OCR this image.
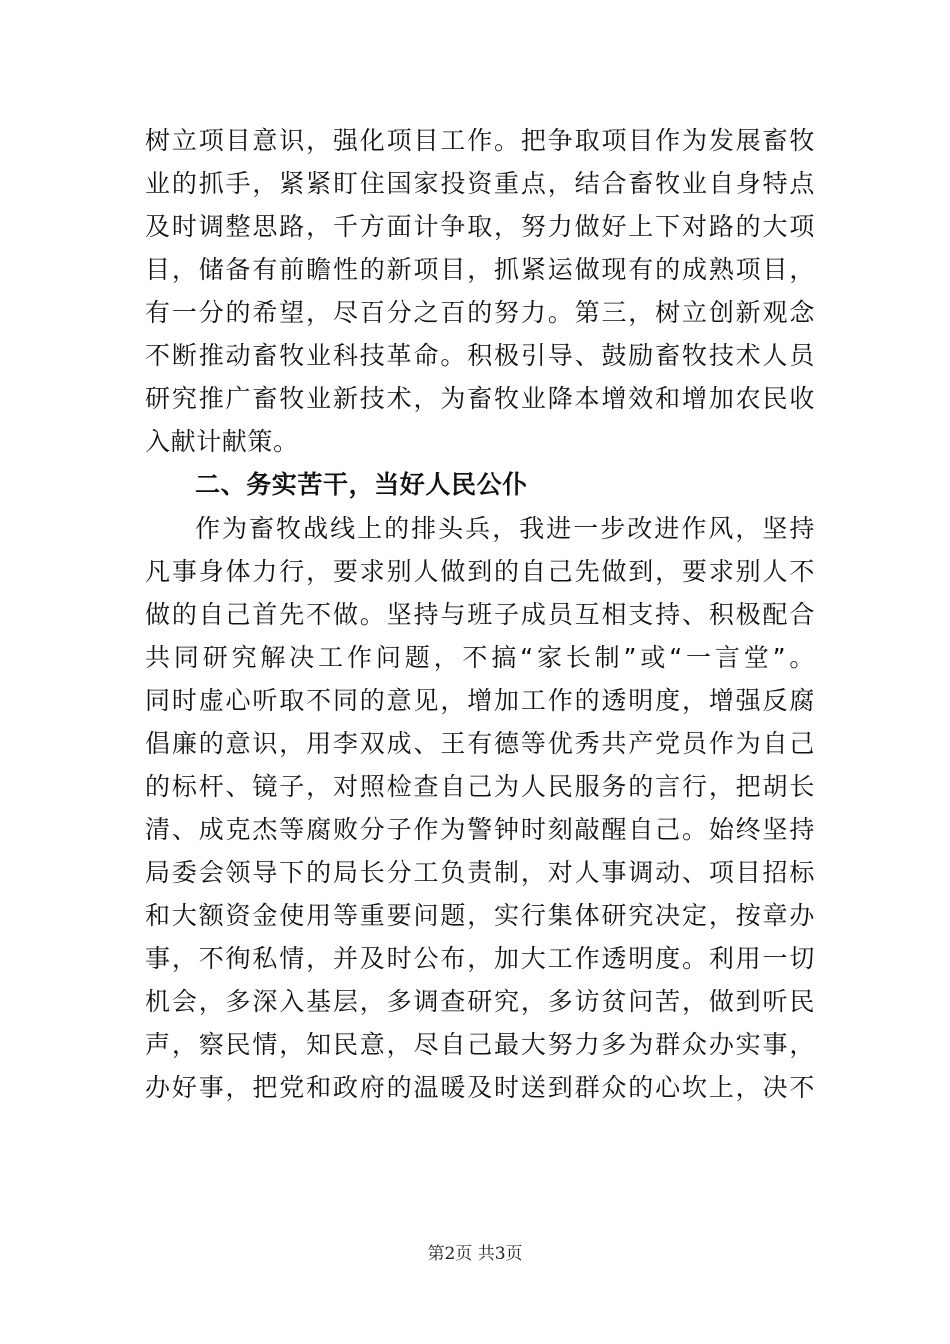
树立项目意识，强化项目工作。把争取项目作为发展畜牧
业的抓手，紧紧盯住国家投资重点，结合畜牧业自身特点
及时调整思路，千方面计争取，努力做好上下对路的大项
目，储备有前瞻性的新项目，抓紧运做现有的成熟项目，
有一分的希望，尽百分之百的努力。第三，树立创新观念
不断推动畜牧业科技革命。积极引导、鼓励畜牧技术人员
研究推广畜牧业新技术，为畜牧业降本增效和增加农民收
入献计献策。
二、务实苦干，当好人民公仆
作为畜牧战线上的排头兵，我进一步改进作风，坚持
凡事身体力行，要求别人做到的自己先做到，要求别人不
做的自己首先不做。坚持与班子成员互相支持、积极配合
共同研究解决工作问题，不搞“家长制”或“一言堂”。
同时虚心听取不同的意见，增加工作的透明度，增强反腐
倡廉的意识，用李双成、王有德等优秀共产党员作为自己
的标杆、镜子，对照检查自己为人民服务的言行，把胡长
清、成克杰等腐败分子作为警钟时刻敲醒自己。始终坚持
局委会领导下的局长分工负责制，对人事调动、项目招标
和大额资金使用等重要问题，实行集体研究决定，按章办
事，不徇私情，并及时公布，加大工作透明度。利用一切
机会，多深入基层，多调查研究，多访贫问苦，做到听民
声，察民情，知民意，尽自己最大努力多为群众办实事，
办好事，把党和政府的温暖及时送到群众的心坎上，决不
第2页 共3页
